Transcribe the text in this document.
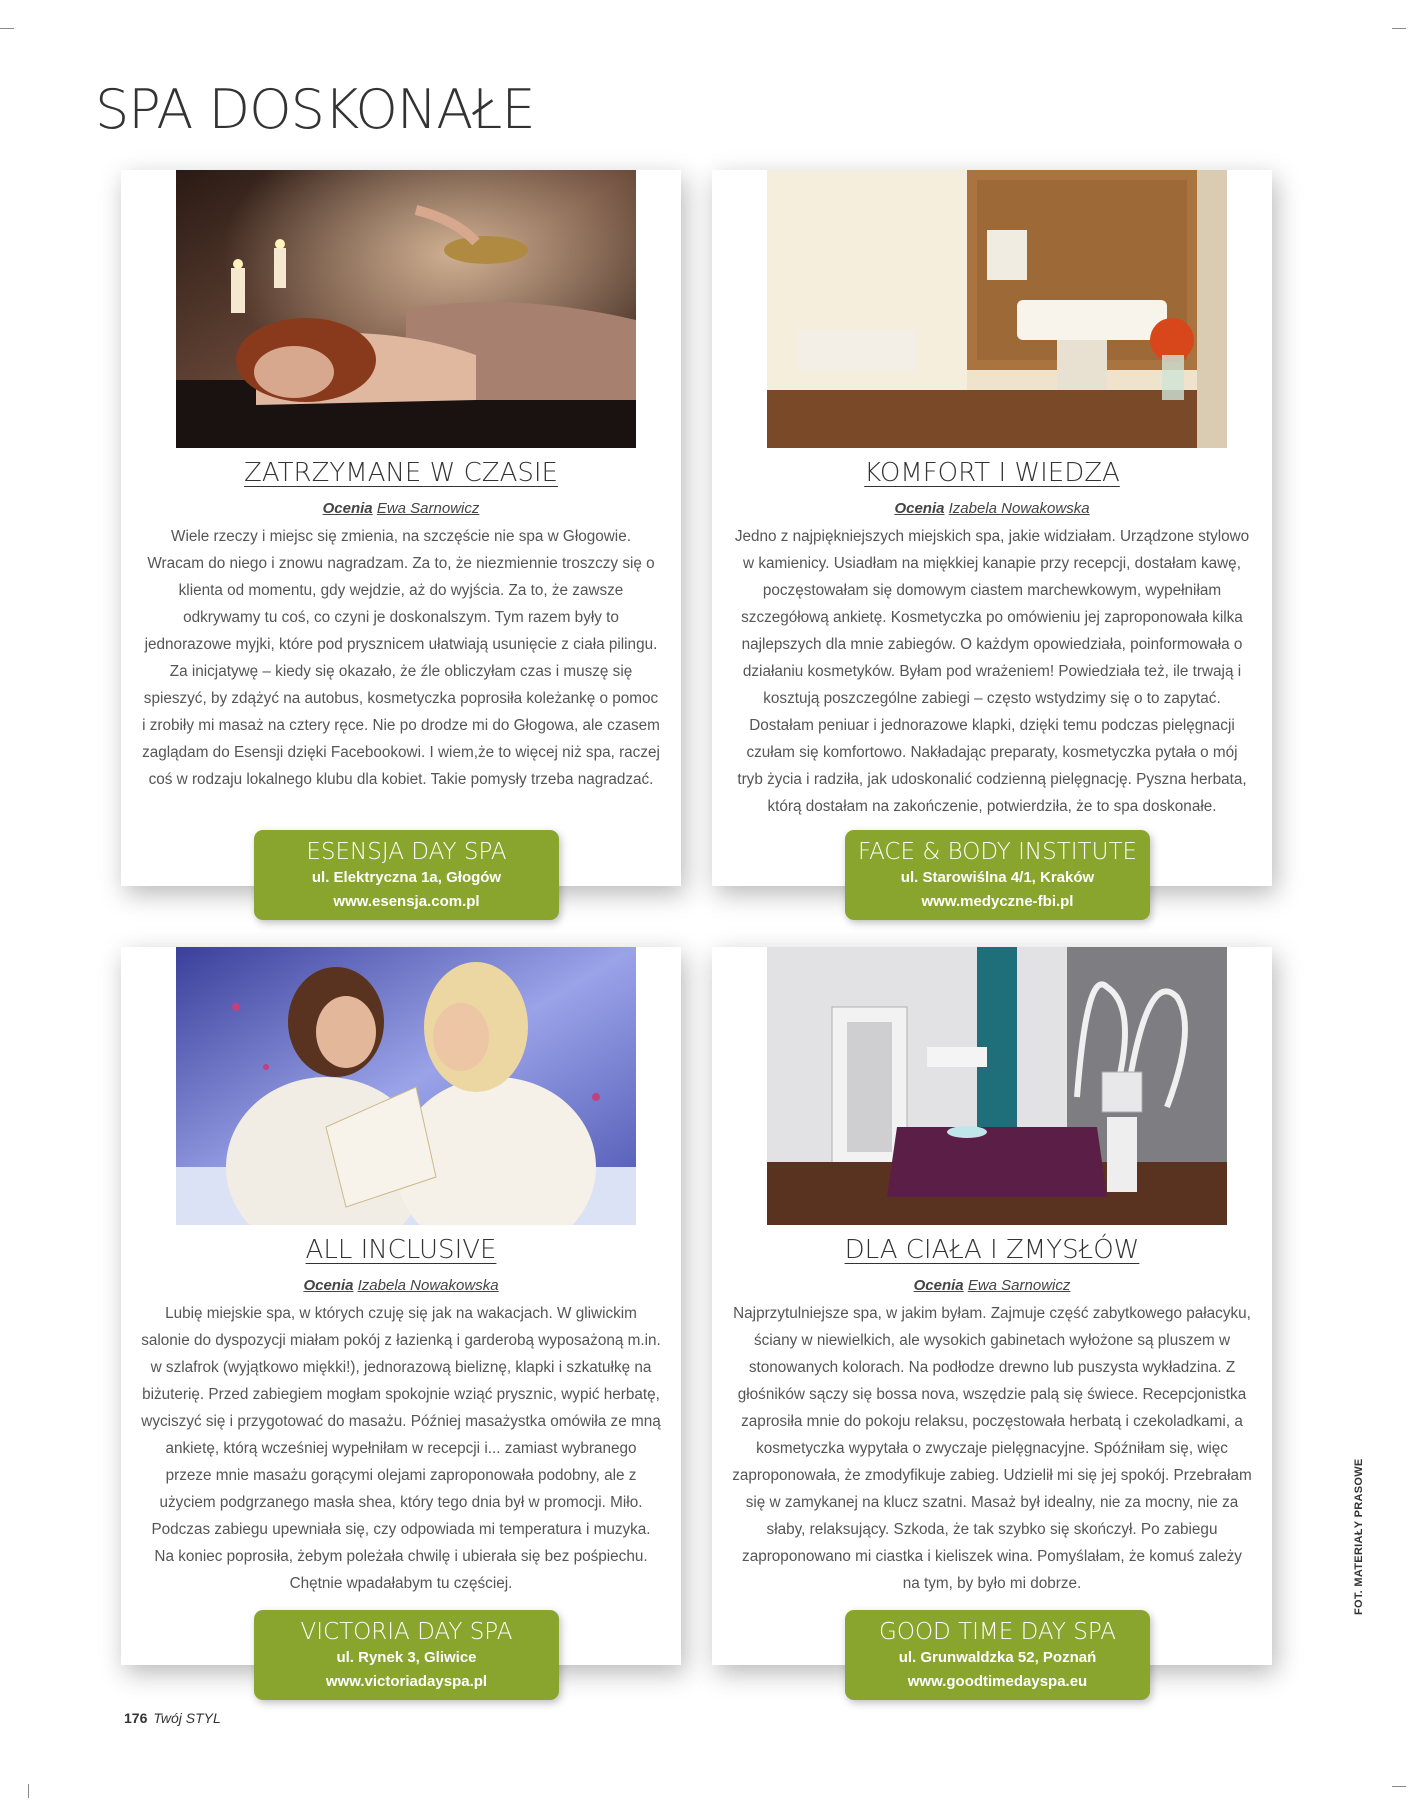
SPA DOSKONAŁE
ZATRZYMANE W CZASIE
Ocenia Ewa Sarnowicz

Wiele rzeczy i miejsc się zmienia, na szczęście nie spa w Głogowie. Wracam do niego i znowu nagradzam. Za to, że niezmiennie troszczy się o klienta od momentu, gdy wejdzie, aż do wyjścia. Za to, że zawsze odkrywamy tu coś, co czyni je doskonalszym. Tym razem były to jednorazowe myjki, które pod prysznicem ułatwiają usunięcie z ciała pilingu. Za inicjatywę – kiedy się okazało, że źle obliczyłam czas i muszę się spieszyć, by zdążyć na autobus, kosmetyczka poprosiła koleżankę o pomoc i zrobiły mi masaż na cztery ręce. Nie po drodze mi do Głogowa, ale czasem zaglądam do Esensji dzięki Facebookowi. I wiem,że to więcej niż spa, raczej coś w rodzaju lokalnego klubu dla kobiet. Takie pomysły trzeba nagradzać.

ESENSJA DAY SPA
ul. Elektryczna 1a, Głogów
www.esensja.com.pl
KOMFORT I WIEDZA
Ocenia Izabela Nowakowska

Jedno z najpiękniejszych miejskich spa, jakie widziałam. Urządzone stylowo w kamienicy. Usiadłam na miękkiej kanapie przy recepcji, dostałam kawę, poczęstowałam się domowym ciastem marchewkowym, wypełniłam szczegółową ankietę. Kosmetyczka po omówieniu jej zaproponowała kilka najlepszych dla mnie zabiegów. O każdym opowiedziała, poinformowała o działaniu kosmetyków. Byłam pod wrażeniem! Powiedziała też, ile trwają i kosztują poszczególne zabiegi – często wstydzimy się o to zapytać. Dostałam peniuar i jednorazowe klapki, dzięki temu podczas pielęgnacji czułam się komfortowo. Nakładając preparaty, kosmetyczka pytała o mój tryb życia i radziła, jak udoskonalić codzienną pielęgnację. Pyszna herbata, którą dostałam na zakończenie, potwierdziła, że to spa doskonałe.

FACE & BODY INSTITUTE
ul. Starowiślna 4/1, Kraków
www.medyczne-fbi.pl
ALL INCLUSIVE
Ocenia Izabela Nowakowska

Lubię miejskie spa, w których czuję się jak na wakacjach. W gliwickim salonie do dyspozycji miałam pokój z łazienką i garderobą wyposażoną m.in. w szlafrok (wyjątkowo miękki!), jednorazową bieliznę, klapki i szkatułkę na biżuterię. Przed zabiegiem mogłam spokojnie wziąć prysznic, wypić herbatę, wyciszyć się i przygotować do masażu. Później masażystka omówiła ze mną ankietę, którą wcześniej wypełniłam w recepcji i... zamiast wybranego przeze mnie masażu gorącymi olejami zaproponowała podobny, ale z użyciem podgrzanego masła shea, który tego dnia był w promocji. Miło. Podczas zabiegu upewniała się, czy odpowiada mi temperatura i muzyka. Na koniec poprosiła, żebym poleżała chwilę i ubierała się bez pośpiechu. Chętnie wpadałabym tu częściej.

VICTORIA DAY SPA
ul. Rynek 3, Gliwice
www.victoriadayspa.pl
DLA CIAŁA I ZMYSŁÓW
Ocenia Ewa Sarnowicz

Najprzytulniejsze spa, w jakim byłam. Zajmuje część zabytkowego pałacyku, ściany w niewielkich, ale wysokich gabinetach wyłożone są pluszem w stonowanych kolorach. Na podłodze drewno lub puszysta wykładzina. Z głośników sączy się bossa nova, wszędzie palą się świece. Recepcjonistka zaprosiła mnie do pokoju relaksu, poczęstowała herbatą i czekoladkami, a kosmetyczka wypytała o zwyczaje pielęgnacyjne. Spóźniłam się, więc zaproponowała, że zmodyfikuje zabieg. Udzielił mi się jej spokój. Przebrałam się w zamykanej na klucz szatni. Masaż był idealny, nie za mocny, nie za słaby, relaksujący. Szkoda, że tak szybko się skończył. Po zabiegu zaproponowano mi ciastka i kieliszek wina. Pomyślałam, że komuś zależy na tym, by było mi dobrze.

GOOD TIME DAY SPA
ul. Grunwaldzka 52, Poznań
www.goodtimedayspa.eu
176 Twój STYL
FOT. MATERIAŁY PRASOWE
